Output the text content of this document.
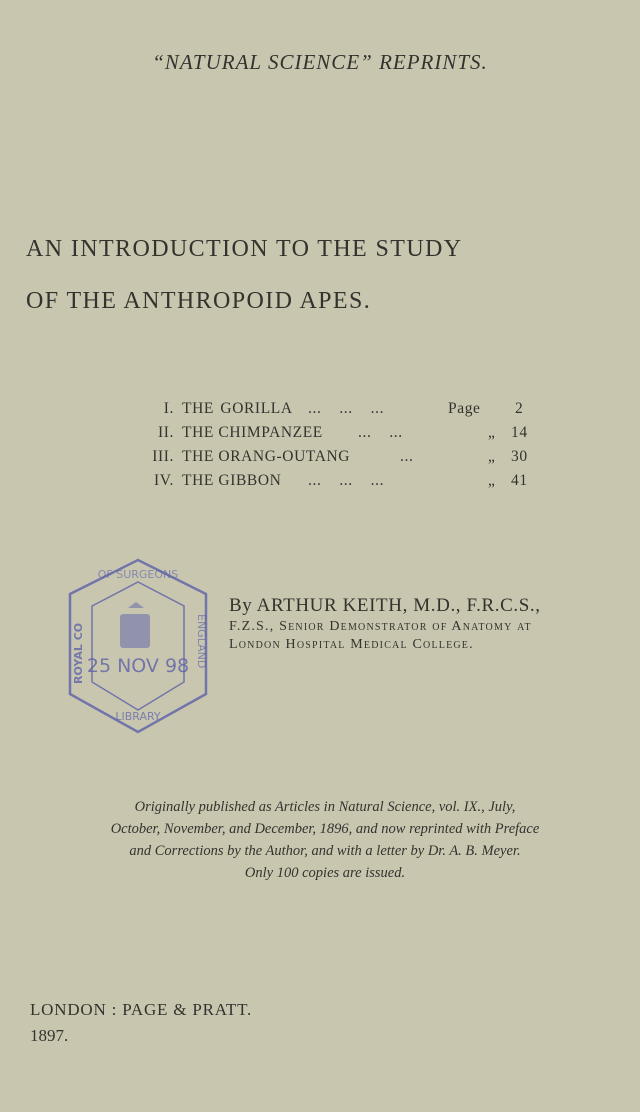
“NATURAL SCIENCE” REPRINTS.
AN INTRODUCTION TO THE STUDY
OF THE ANTHROPOID APES.
I. THE GORILLA ...    ...    ...	Page 2
II. THE CHIMPANZEE ...    ...	„ 14
III. THE ORANG-OUTANG	...	„ 30
IV. THE GIBBON ...    ...    ...	„ 41
25 NOV 98
OF SURGEONS
ROYAL CO	ENGLAND
LIBRARY
By ARTHUR KEITH, M.D., F.R.C.S.,
F.Z.S., Senior Demonstrator of Anatomy at
London Hospital Medical College.
Originally published as Articles in Natural Science, vol. IX., July,
October, November, and December, 1896, and now reprinted with Preface
and Corrections by the Author, and with a letter by Dr. A. B. Meyer.
Only 100 copies are issued.
LONDON : PAGE & PRATT.
1897.
